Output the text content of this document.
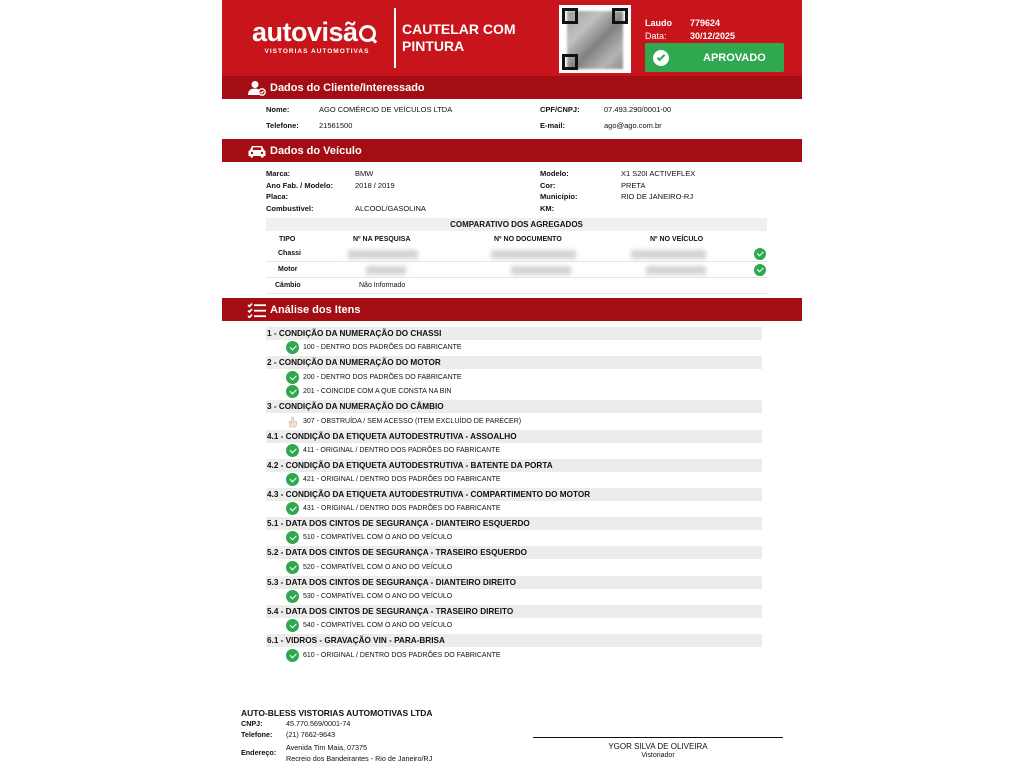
autovisã
VISTORIAS AUTOMOTIVAS
CAUTELAR COM
PINTURA
Laudo 779624
Data:	30/12/2025
APROVADO
Dados do Cliente/Interessado
Nome:	AGO COMÉRCIO DE VEÍCULOS LTDA
Telefone:	21561500
CPF/CNPJ:	07.493.290/0001-00
E-mail:	ago@ago.com.br
Dados do Veículo
Marca:	BMW
Ano Fab. / Modelo:	2018 / 2019
Placa:
Combustível:	ALCOOL/GASOLINA
Modelo:	X1 S20I ACTIVEFLEX
Cor:	PRETA
Município:	RIO DE JANEIRO-RJ
KM:
COMPARATIVO DOS AGREGADOS
TIPO	Nº NA PESQUISA	Nº NO DOCUMENTO	Nº NO VEÍCULO
Chassi
Motor
Câmbio	Não Informado
Análise dos Itens
1 - CONDIÇÃO DA NUMERAÇÃO DO CHASSI
100 - DENTRO DOS PADRÕES DO FABRICANTE
2 - CONDIÇÃO DA NUMERAÇÃO DO MOTOR
200 - DENTRO DOS PADRÕES DO FABRICANTE
201 - COINCIDE COM A QUE CONSTA NA BIN
3 - CONDIÇÃO DA NUMERAÇÃO DO CÂMBIO
307 - OBSTRUÍDA / SEM ACESSO (ITEM EXCLUÍDO DE PARECER)
4.1 - CONDIÇÃO DA ETIQUETA AUTODESTRUTIVA - ASSOALHO
411 - ORIGINAL / DENTRO DOS PADRÕES DO FABRICANTE
4.2 - CONDIÇÃO DA ETIQUETA AUTODESTRUTIVA - BATENTE DA PORTA
421 - ORIGINAL / DENTRO DOS PADRÕES DO FABRICANTE
4.3 - CONDIÇÃO DA ETIQUETA AUTODESTRUTIVA - COMPARTIMENTO DO MOTOR
431 - ORIGINAL / DENTRO DOS PADRÕES DO FABRICANTE
5.1 - DATA DOS CINTOS DE SEGURANÇA - DIANTEIRO ESQUERDO
510 - COMPATÍVEL COM O ANO DO VEÍCULO
5.2 - DATA DOS CINTOS DE SEGURANÇA - TRASEIRO ESQUERDO
520 - COMPATÍVEL COM O ANO DO VEÍCULO
5.3 - DATA DOS CINTOS DE SEGURANÇA - DIANTEIRO DIREITO
530 - COMPATÍVEL COM O ANO DO VEÍCULO
5.4 - DATA DOS CINTOS DE SEGURANÇA - TRASEIRO DIREITO
540 - COMPATÍVEL COM O ANO DO VEÍCULO
6.1 - VIDROS - GRAVAÇÃO VIN - PARA-BRISA
610 - ORIGINAL / DENTRO DOS PADRÕES DO FABRICANTE
AUTO-BLESS VISTORIAS AUTOMOTIVAS LTDA
CNPJ:	45.770.569/0001-74
Telefone: (21) 7662-9643
Endereço:
Avenida Tim Maia, 07375
Recreio dos Bandeirantes - Rio de Janeiro/RJ
YGOR SILVA DE OLIVEIRA
Vistoriador
